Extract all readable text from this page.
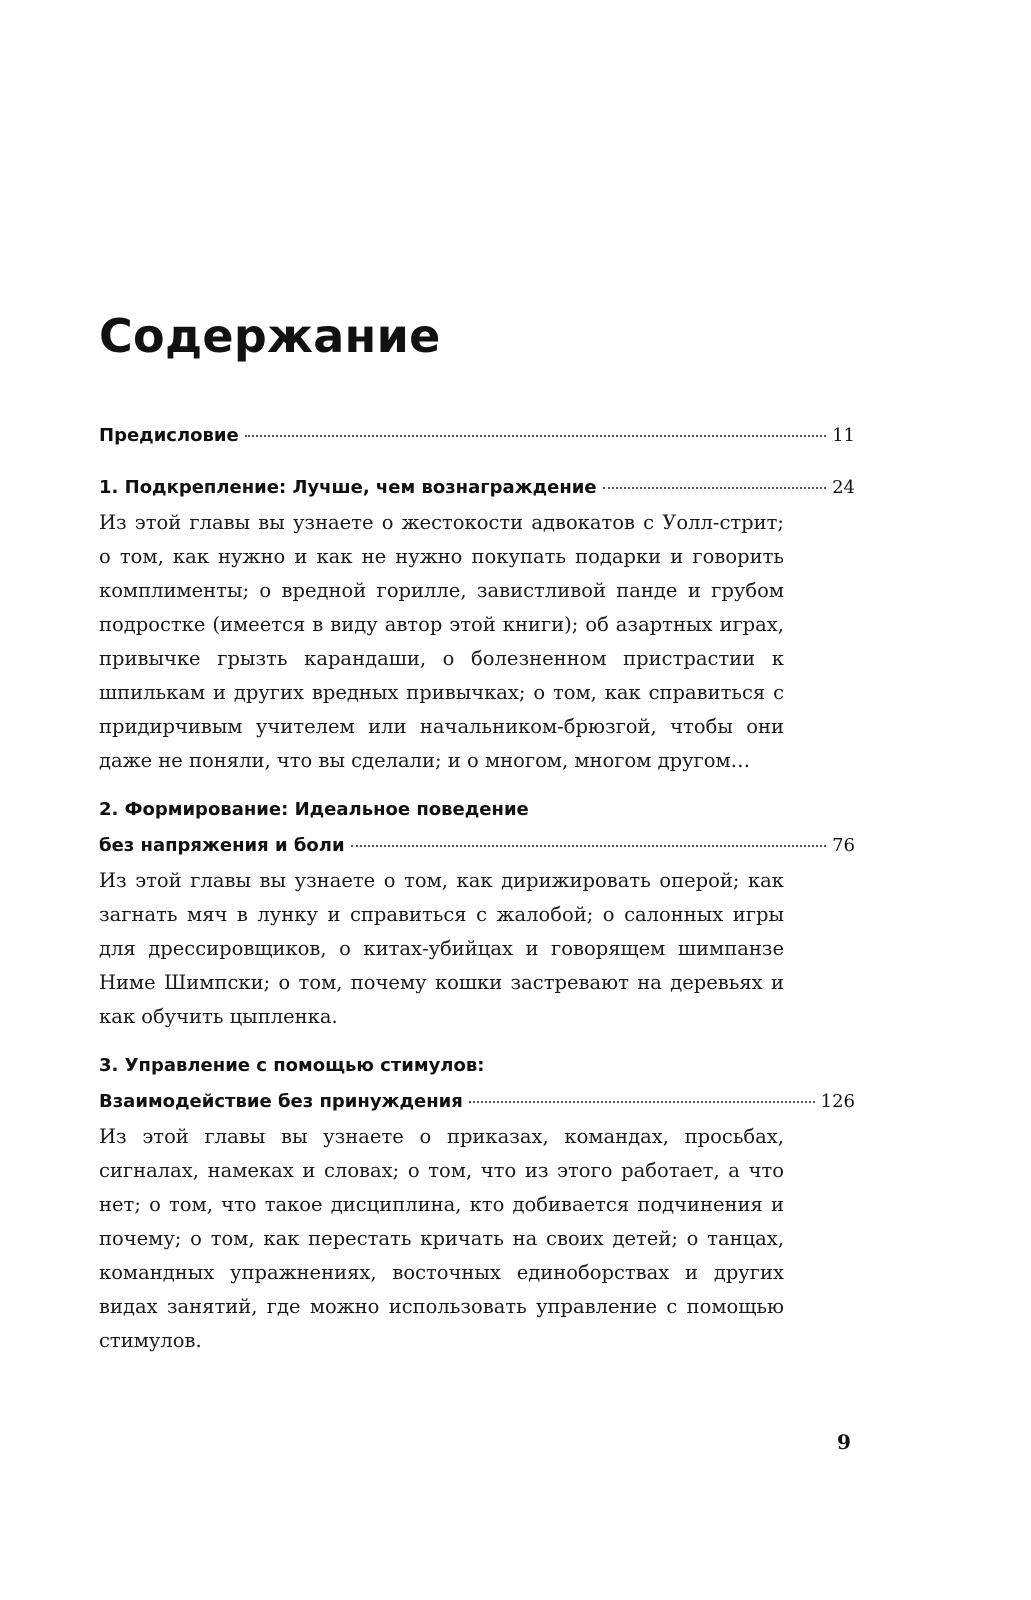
Содержание
Предисловие	11
1. Подкрепление: Лучше, чем вознаграждение	24

Из этой главы вы узнаете о жестокости адвокатов с Уолл-стрит; о том, как нужно и как не нужно покупать подарки и говорить комплименты; о вредной горилле, завистливой панде и грубом подростке (имеется в виду автор этой книги); об азартных играх, привычке грызть карандаши, о болезненном пристрастии к шпилькам и других вредных привычках; о том, как справиться с придирчивым учителем или начальником-брюзгой, чтобы они даже не поняли, что вы сделали; и о многом, многом другом…

2. Формирование: Идеальное поведение
без напряжения и боли	76

Из этой главы вы узнаете о том, как дирижировать оперой; как загнать мяч в лунку и справиться с жалобой; о салонных игры для дрессировщиков, о китах-убийцах и говорящем шимпанзе Ниме Шимпски; о том, почему кошки застревают на деревьях и как обучить цыпленка.

3. Управление с помощью стимулов:
Взаимодействие без принуждения	126

Из этой главы вы узнаете о приказах, командах, просьбах, сигналах, намеках и словах; о том, что из этого работает, а что нет; о том, что такое дисциплина, кто добивается подчинения и почему; о том, как перестать кричать на своих детей; о танцах, командных упражнениях, восточных единоборствах и других видах занятий, где можно использовать управление с помощью стимулов.

9
